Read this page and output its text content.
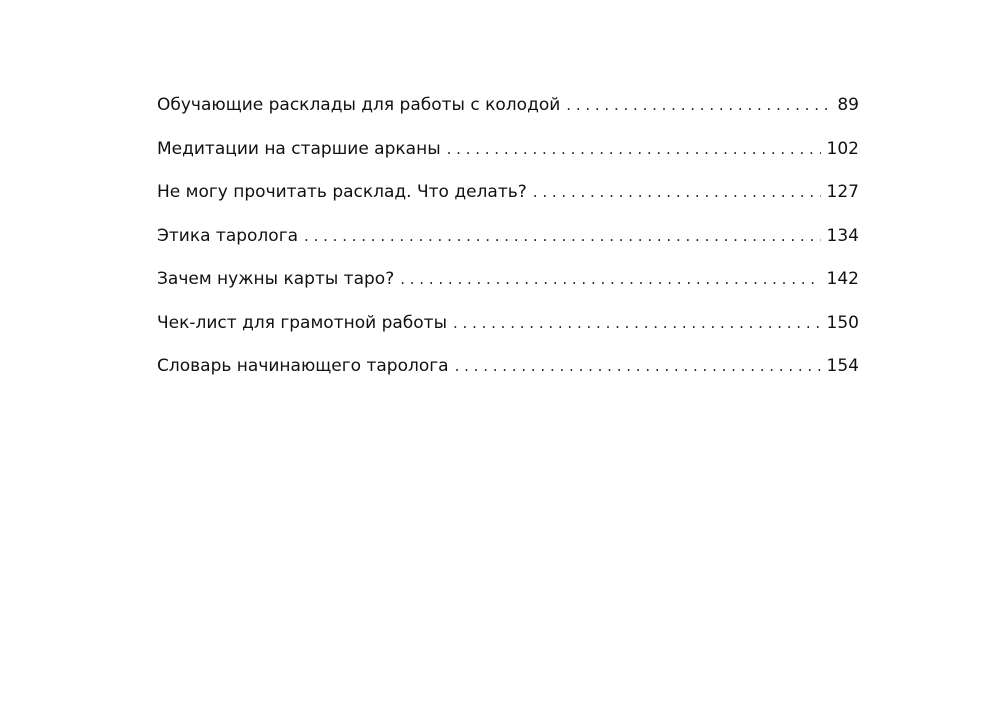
Обучающие расклады для работы с колодой . . .	89
Медитации на старшие арканы . . .	102
Не могу прочитать расклад. Что делать? . . .	127
Этика таролога . . .	134
Зачем нужны карты таро? . . .	142
Чек-лист для грамотной работы . . .	150
Словарь начинающего таролога . . .	154
